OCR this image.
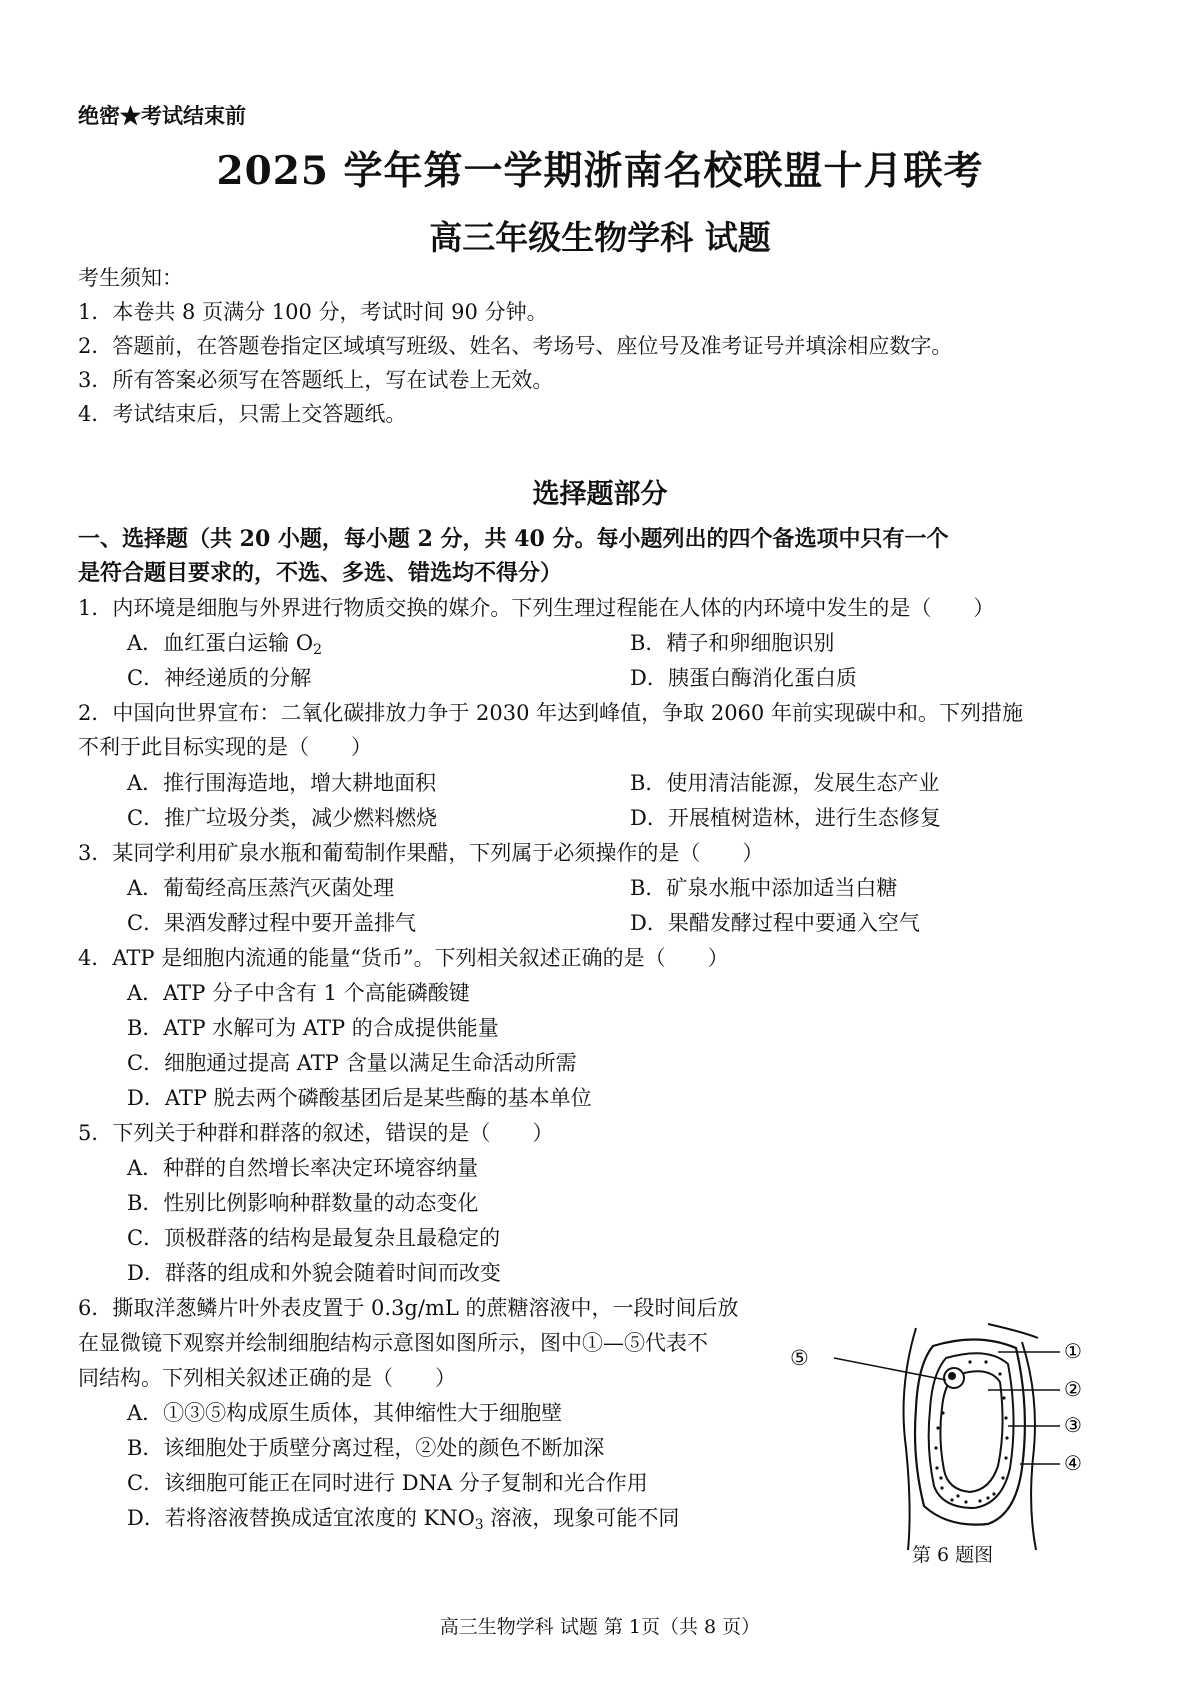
绝密★考试结束前
2025 学年第一学期浙南名校联盟十月联考
高三年级生物学科 试题
考生须知：
1．本卷共 8 页满分 100 分，考试时间 90 分钟。
2．答题前，在答题卷指定区域填写班级、姓名、考场号、座位号及准考证号并填涂相应数字。
3．所有答案必须写在答题纸上，写在试卷上无效。
4．考试结束后，只需上交答题纸。
选择题部分
一、选择题（共 20 小题，每小题 2 分，共 40 分。每小题列出的四个备选项中只有一个
是符合题目要求的，不选、多选、错选均不得分）
1．内环境是细胞与外界进行物质交换的媒介。下列生理过程能在人体的内环境中发生的是（　　）
A．血红蛋白运输 $O_2$	B．精子和卵细胞识别
C．神经递质的分解	D．胰蛋白酶消化蛋白质
2．中国向世界宣布：二氧化碳排放力争于 2030 年达到峰值，争取 2060 年前实现碳中和。下列措施
不利于此目标实现的是（　　）
A．推行围海造地，增大耕地面积	B．使用清洁能源，发展生态产业
C．推广垃圾分类，减少燃料燃烧	D．开展植树造林，进行生态修复
3．某同学利用矿泉水瓶和葡萄制作果醋，下列属于必须操作的是（　　）
A．葡萄经高压蒸汽灭菌处理	B．矿泉水瓶中添加适当白糖
C．果酒发酵过程中要开盖排气	D．果醋发酵过程中要通入空气
4．ATP 是细胞内流通的能量“货币”。下列相关叙述正确的是（　　）
A．ATP 分子中含有 1 个高能磷酸键
B．ATP 水解可为 ATP 的合成提供能量
C．细胞通过提高 ATP 含量以满足生命活动所需
D．ATP 脱去两个磷酸基团后是某些酶的基本单位
5．下列关于种群和群落的叙述，错误的是（　　）
A．种群的自然增长率决定环境容纳量
B．性别比例影响种群数量的动态变化
C．顶极群落的结构是最复杂且最稳定的
D．群落的组成和外貌会随着时间而改变
6．撕取洋葱鳞片叶外表皮置于 0.3g/mL 的蔗糖溶液中，一段时间后放
在显微镜下观察并绘制细胞结构示意图如图所示，图中①—⑤代表不
同结构。下列相关叙述正确的是（　　）
A．①③⑤构成原生质体，其伸缩性大于细胞壁
B．该细胞处于质壁分离过程，②处的颜色不断加深
C．该细胞可能正在同时进行 DNA 分子复制和光合作用
D．若将溶液替换成适宜浓度的 $KNO_3$ 溶液，现象可能不同
①
②
③
④
⑤
第 6 题图
高三生物学科 试题 第 1页（共 8 页）
